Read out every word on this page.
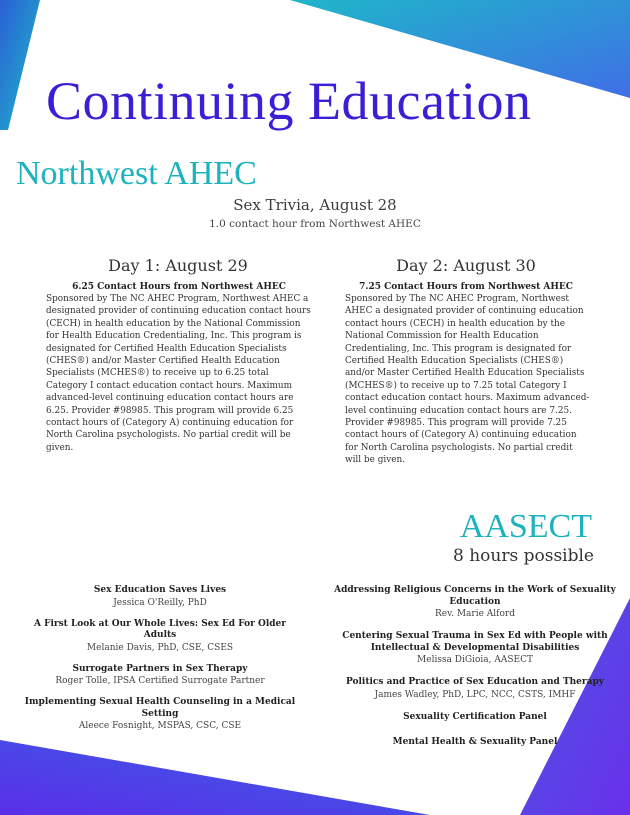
Continuing Education
Northwest AHEC
Sex Trivia, August 28
1.0 contact hour from Northwest AHEC
Day 1: August 29
6.25 Contact Hours from Northwest AHEC
Sponsored by The NC AHEC Program, Northwest AHEC a designated provider of continuing education contact hours (CECH) in health education by the National Commission for Health Education Credentialing, Inc. This program is designated for Certified Health Education Specialists (CHES®) and/or Master Certified Health Education Specialists (MCHES®) to receive up to 6.25 total Category I contact education contact hours. Maximum advanced-level continuing education contact hours are 6.25. Provider #98985. This program will provide 6.25 contact hours of (Category A) continuing education for North Carolina psychologists. No partial credit will be given.
Day 2: August 30
7.25 Contact Hours from Northwest AHEC
Sponsored by The NC AHEC Program, Northwest AHEC a designated provider of continuing education contact hours (CECH) in health education by the National Commission for Health Education Credentialing, Inc. This program is designated for Certified Health Education Specialists (CHES®) and/or Master Certified Health Education Specialists (MCHES®) to receive up to 7.25 total Category I contact education contact hours. Maximum advanced-level continuing education contact hours are 7.25. Provider #98985. This program will provide 7.25 contact hours of (Category A) continuing education for North Carolina psychologists. No partial credit will be given.
AASECT
8 hours possible
Sex Education Saves Lives
Jessica O'Reilly, PhD
A First Look at Our Whole Lives: Sex Ed For Older Adults
Melanie Davis, PhD, CSE, CSES
Surrogate Partners in Sex Therapy
Roger Tolle, IPSA Certified Surrogate Partner
Implementing Sexual Health Counseling in a Medical Setting
Aleece Fosnight, MSPAS, CSC, CSE
Addressing Religious Concerns in the Work of Sexuality Education
Rev. Marie Alford
Centering Sexual Trauma in Sex Ed with People with Intellectual & Developmental Disabilities
Melissa DiGioia, AASECT
Politics and Practice of Sex Education and Therapy
James Wadley, PhD, LPC, NCC, CSTS, IMHF
Sexuality Certification Panel
Mental Health & Sexuality Panel
